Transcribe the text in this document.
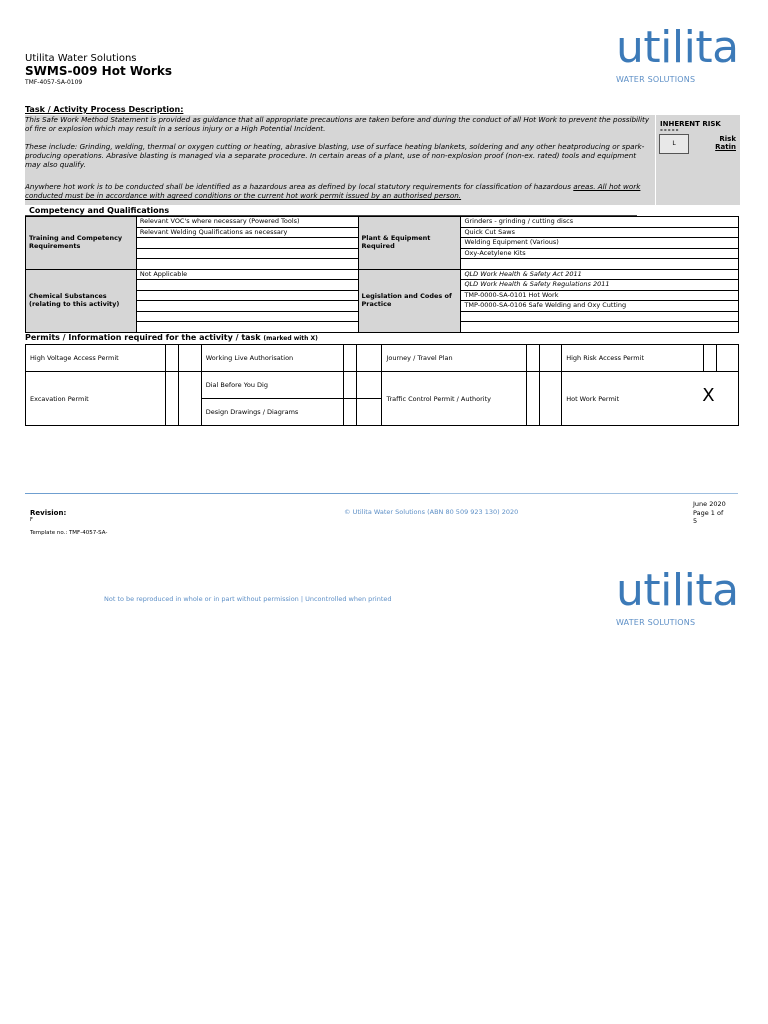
Utilita Water Solutions
SWMS-009 Hot Works
TMF-4057-SA-0109
utilita
WATER SOLUTIONS
Task / Activity Process Description:
This Safe Work Method Statement is provided as guidance that all appropriate precautions are taken before and during the conduct of all Hot Work to prevent the possibility of fire or explosion which may result in a serious injury or a High Potential Incident.
These include: Grinding, welding, thermal or oxygen cutting or heating, abrasive blasting, use of surface heating blankets, soldering and any other heatproducing or spark-producing operations. Abrasive blasting is managed via a separate procedure. In certain areas of a plant, use of non-explosion proof (non-ex. rated) tools and equipment may also qualify.
Anywhere hot work is to be conducted shall be identified as a hazardous area as defined by local statutory requirements for classification of hazardous areas. All hot work conducted must be in accordance with agreed conditions or the current hot work permit issued by an authorised person.
INHERENT RISK
-----
L
Risk
Ratin
Competency and Qualifications
Training and Competency Requirements	Relevant VOC's where necessary (Powered Tools)	Plant & Equipment Required	Grinders - grinding / cutting discs
	Relevant Welding Qualifications as necessary		Quick Cut Saws
			Welding Equipment (Various)
			Oxy-Acetylene Kits

Chemical Substances (relating to this activity)	Not Applicable	Legislation and Codes of Practice	QLD Work Health & Safety Act 2011
			QLD Work Health & Safety Regulations 2011
			TMP-0000-SA-0101 Hot Work
			TMP-0000-SA-0106 Safe Welding and Oxy Cutting

Permits / Information required for the activity / task (marked with X)
High Voltage Access Permit			Working Live Authorisation			Journey / Travel Plan			High Risk Access Permit		
Excavation Permit			Dial Before You Dig			Traffic Control Permit / Authority			Hot Work Permit X		

			Design Drawings / Diagrams								
Revision:
F
Template no.: TMF-4057-SA-
© Utilita Water Solutions (ABN 80 509 923 130) 2020
June 2020
Page 1 of
5
Not to be reproduced in whole or in part without permission | Uncontrolled when printed	utilita
WATER SOLUTIONS
